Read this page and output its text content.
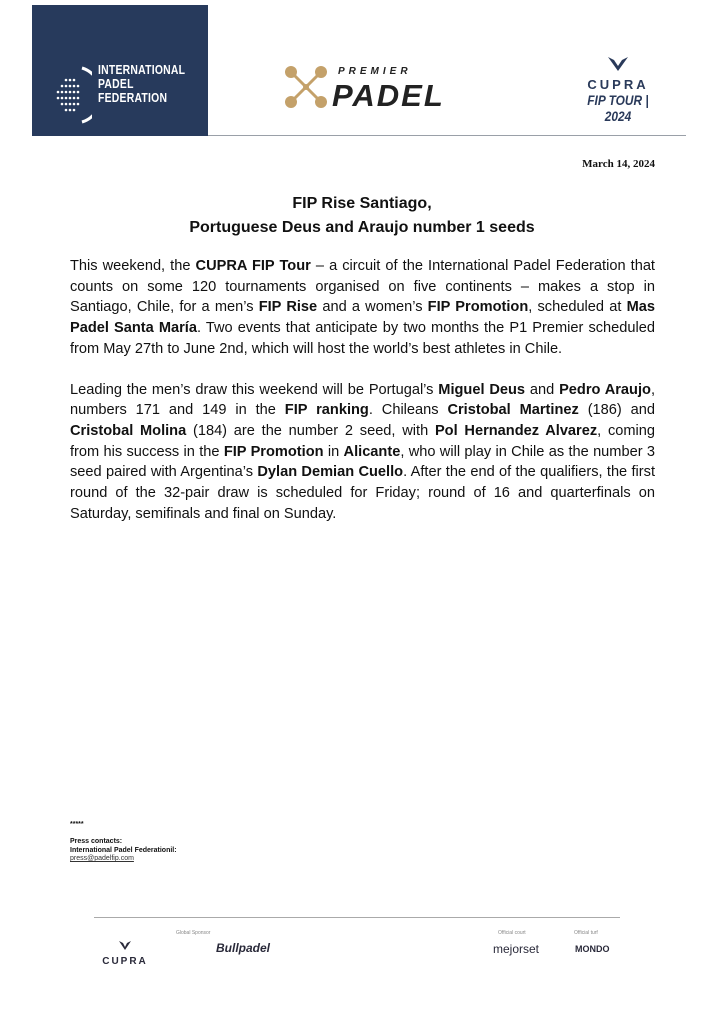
INTERNATIONAL
PADEL
FEDERATION
PREMIER
PADEL	CUPRA
FIP TOUR | 2024
March 14, 2024
FIP Rise Santiago,
Portuguese Deus and Araujo number 1 seeds

This weekend, the CUPRA FIP Tour – a circuit of the International Padel Federation that counts on some 120 tournaments organised on five continents – makes a stop in Santiago, Chile, for a men’s FIP Rise and a women’s FIP Promotion, scheduled at Mas Padel Santa María. Two events that anticipate by two months the P1 Premier scheduled from May 27th to June 2nd, which will host the world’s best athletes in Chile.

Leading the men’s draw this weekend will be Portugal’s Miguel Deus and Pedro Araujo, numbers 171 and 149 in the FIP ranking. Chileans Cristobal Martinez (186) and Cristobal Molina (184) are the number 2 seed, with Pol Hernandez Alvarez, coming from his success in the FIP Promotion in Alicante, who will play in Chile as the number 3 seed paired with Argentina’s Dylan Demian Cuello. After the end of the qualifiers, the first round of the 32-pair draw is scheduled for Friday; round of 16 and quarterfinals on Saturday, semifinals and final on Sunday.

*****
Press contacts:
International Padel Federationil:
press@padelfip.com
Global Sponsor	Official court	Official turf
CUPRA
Bullpadel	mejorset	MONDO
